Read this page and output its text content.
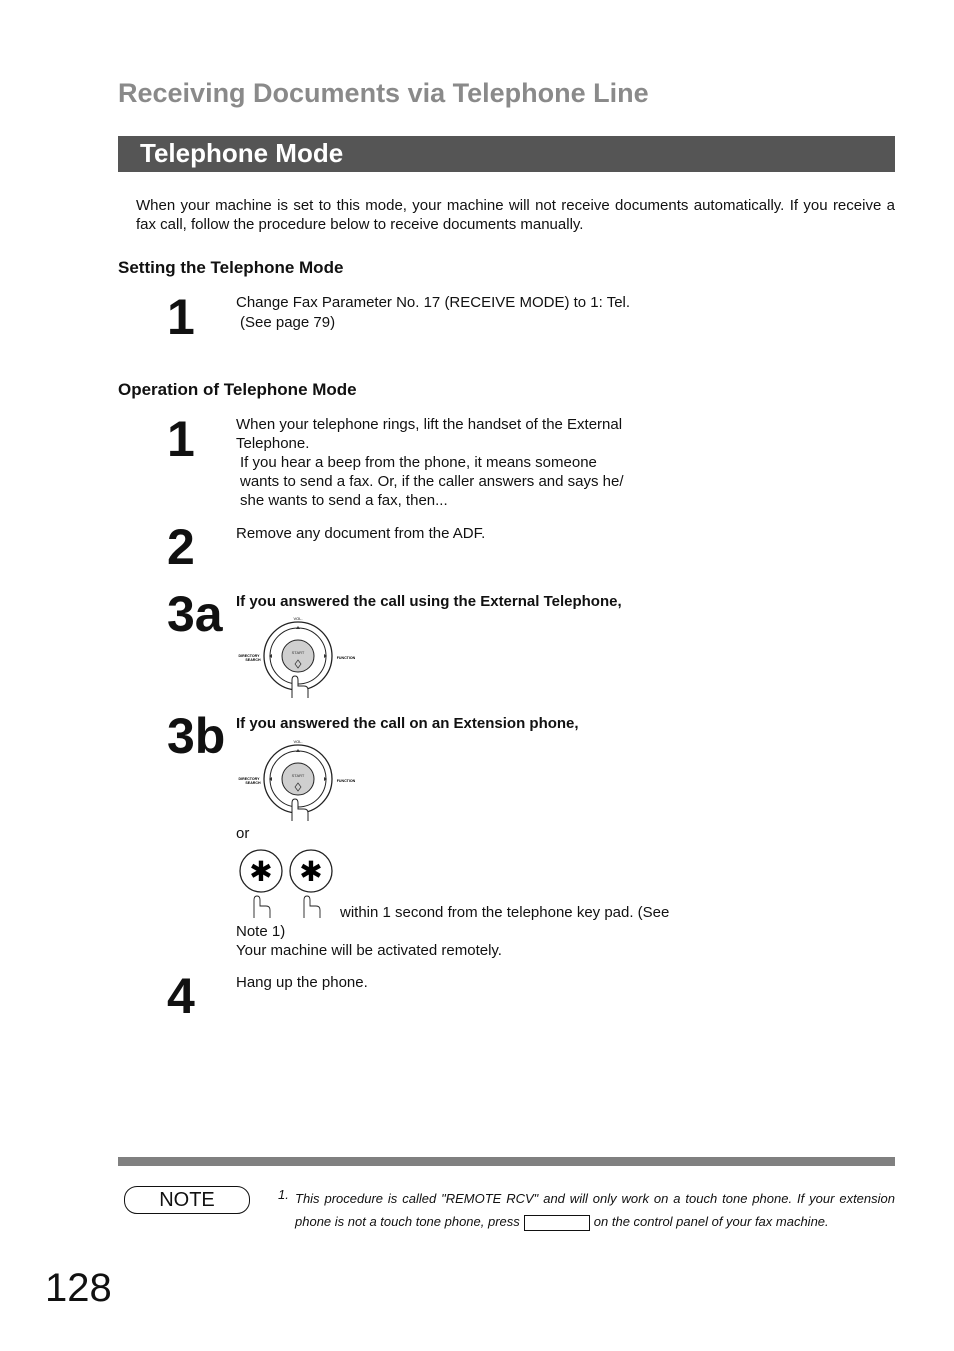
Receiving Documents via Telephone Line
Telephone Mode
When your machine is set to this mode, your machine will not receive documents automatically. If you receive a fax call, follow the procedure below to receive documents manually.
Setting the Telephone Mode
1	Change Fax Parameter No. 17 (RECEIVE MODE) to 1: Tel.
(See page 79)
Operation of Telephone Mode
1	When your telephone rings, lift the handset of the External
Telephone.
If you hear a beep from the phone, it means someone
wants to send a fax. Or, if the caller answers and says he/
she wants to send a fax, then...
2	Remove any document from the ADF.
3a If you answered the call using the External Telephone,
VOL.
DIRECTORY
SEARCH	FUNCTION
START
3b If you answered the call on an Extension phone,
VOL.
DIRECTORY
SEARCH	FUNCTION
START
or
✱ ✱
within 1 second from the telephone key pad. (See
Note 1)
Your machine will be activated remotely.
4	Hang up the phone.
NOTE	1. This procedure is called "REMOTE RCV" and will only work on a touch tone phone. If your extension phone is not a touch tone phone, press	on the control panel of your fax machine.
128
